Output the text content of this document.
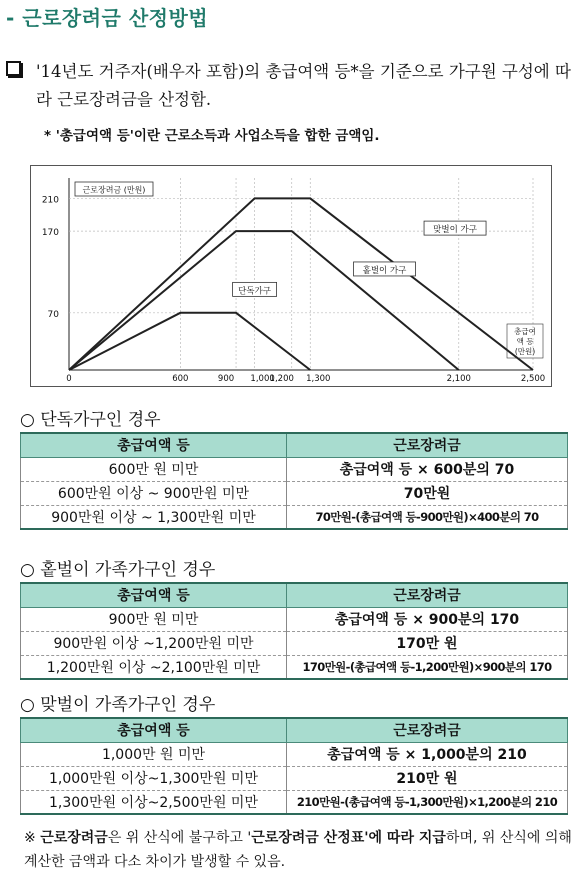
- 근로장려금 산정방법
'14년도 거주자(배우자 포함)의 총급여액 등*을 기준으로 가구원 구성에 따라 근로장려금을 산정함.
* '총급여액 등'이란 근로소득과 사업소득을 합한 금액임.
근로장려금 (만원)
210
170
70
0	600	900 1,000
1,200 1,300	2,100	2,500
단독가구
홑벌이 가구
맞벌이 가구
총급여
액 등
(만원)
○ 단독가구인 경우
총급여액 등	근로장려금
600만 원 미만	총급여액 등 × 600분의 70
600만원 이상 ~ 900만원 미만	70만원
900만원 이상 ~ 1,300만원 미만	70만원-(총급여액 등-900만원)×400분의 70
○ 홑벌이 가족가구인 경우
총급여액 등	근로장려금
900만 원 미만	총급여액 등 × 900분의 170
900만원 이상 ~1,200만원 미만	170만 원
1,200만원 이상 ~2,100만원 미만	170만원-(총급여액 등-1,200만원)×900분의 170
○ 맞벌이 가족가구인 경우
총급여액 등	근로장려금
1,000만 원 미만	총급여액 등 × 1,000분의 210
1,000만원 이상~1,300만원 미만	210만 원
1,300만원 이상~2,500만원 미만	210만원-(총급여액 등-1,300만원)×1,200분의 210
※ 근로장려금은 위 산식에 불구하고 '근로장려금 산정표'에 따라 지급하며, 위 산식에 의해 계산한 금액과 다소 차이가 발생할 수 있음.
